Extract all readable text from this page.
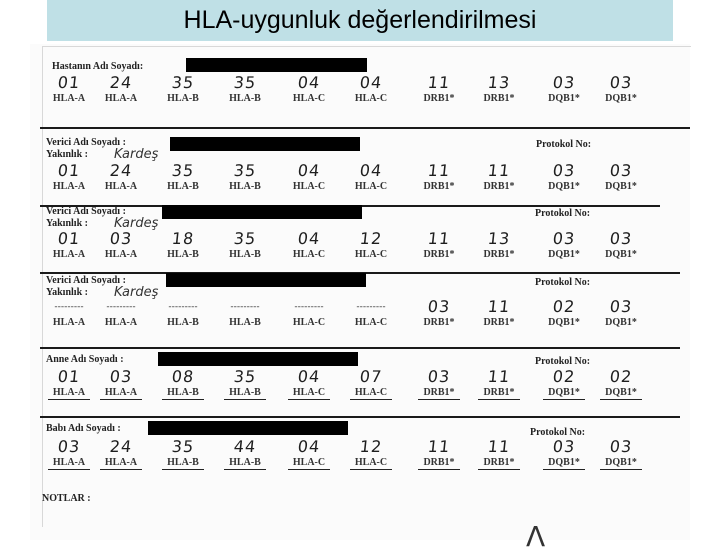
HLA-uygunluk değerlendirilmesi
Hastanın Adı Soyadı:
01
HLA-A
24
HLA-A
35
HLA-B
35
HLA-B
04
HLA-C
04
HLA-C
11
DRB1*
13
DRB1*
03
DQB1*
03
DQB1*
Verici Adı Soyadı :
Yakınlık : Kardeş
Protokol No:
01
HLA-A
24
HLA-A
35
HLA-B
35
HLA-B
04
HLA-C
04
HLA-C
11
DRB1*
11
DRB1*
03
DQB1*
03
DQB1*
Verici Adı Soyadı :
Yakınlık : Kardeş
Protokol No:
01
HLA-A
03
HLA-A
18
HLA-B
35
HLA-B
04
HLA-C
12
HLA-C
11
DRB1*
13
DRB1*
03
DQB1*
03
DQB1*
Verici Adı Soyadı :
Yakınlık : Kardeş
Protokol No:
---------
HLA-A
---------
HLA-A
---------
HLA-B
---------
HLA-B
---------
HLA-C
---------
HLA-C
03
DRB1*
11
DRB1*
02
DQB1*
03
DQB1*
Anne Adı Soyadı :	Protokol No:
01
HLA-A
03
HLA-A
08
HLA-B
35
HLA-B
04
HLA-C
07
HLA-C
03
DRB1*
11
DRB1*
02
DQB1*
02
DQB1*
Babı Adı Soyadı :	Protokol No:
03
HLA-A
24
HLA-A
35
HLA-B
44
HLA-B
04
HLA-C
12
HLA-C
11
DRB1*
11
DRB1*
03
DQB1*
03
DQB1*
NOTLAR :
Λ
